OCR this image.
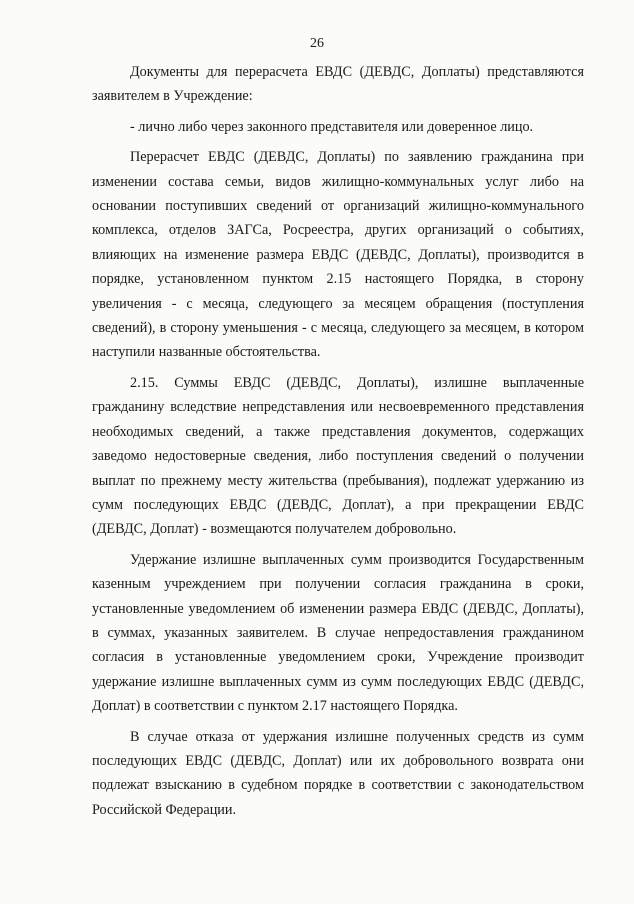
26

Документы для перерасчета ЕВДС (ДЕВДС, Доплаты) представляются заявителем в Учреждение:

- лично либо через законного представителя или доверенное лицо.

Перерасчет ЕВДС (ДЕВДС, Доплаты) по заявлению гражданина при изменении состава семьи, видов жилищно-коммунальных услуг либо на основании поступивших сведений от организаций жилищно-коммунального комплекса, отделов ЗАГСа, Росреестра, других организаций о событиях, влияющих на изменение размера ЕВДС (ДЕВДС, Доплаты), производится в порядке, установленном пунктом 2.15 настоящего Порядка, в сторону увеличения - с месяца, следующего за месяцем обращения (поступления сведений), в сторону уменьшения - с месяца, следующего за месяцем, в котором наступили названные обстоятельства.

2.15. Суммы ЕВДС (ДЕВДС, Доплаты), излишне выплаченные гражданину вследствие непредставления или несвоевременного представления необходимых сведений, а также представления документов, содержащих заведомо недостоверные сведения, либо поступления сведений о получении выплат по прежнему месту жительства (пребывания), подлежат удержанию из сумм последующих ЕВДС (ДЕВДС, Доплат), а при прекращении ЕВДС (ДЕВДС, Доплат) - возмещаются получателем добровольно.

Удержание излишне выплаченных сумм производится Государственным казенным учреждением при получении согласия гражданина в сроки, установленные уведомлением об изменении размера ЕВДС (ДЕВДС, Доплаты), в суммах, указанных заявителем. В случае непредоставления гражданином согласия в установленные уведомлением сроки, Учреждение производит удержание излишне выплаченных сумм из сумм последующих ЕВДС (ДЕВДС, Доплат) в соответствии с пунктом 2.17 настоящего Порядка.

В случае отказа от удержания излишне полученных средств из сумм последующих ЕВДС (ДЕВДС, Доплат) или их добровольного возврата они подлежат взысканию в судебном порядке в соответствии с законодательством Российской Федерации.
